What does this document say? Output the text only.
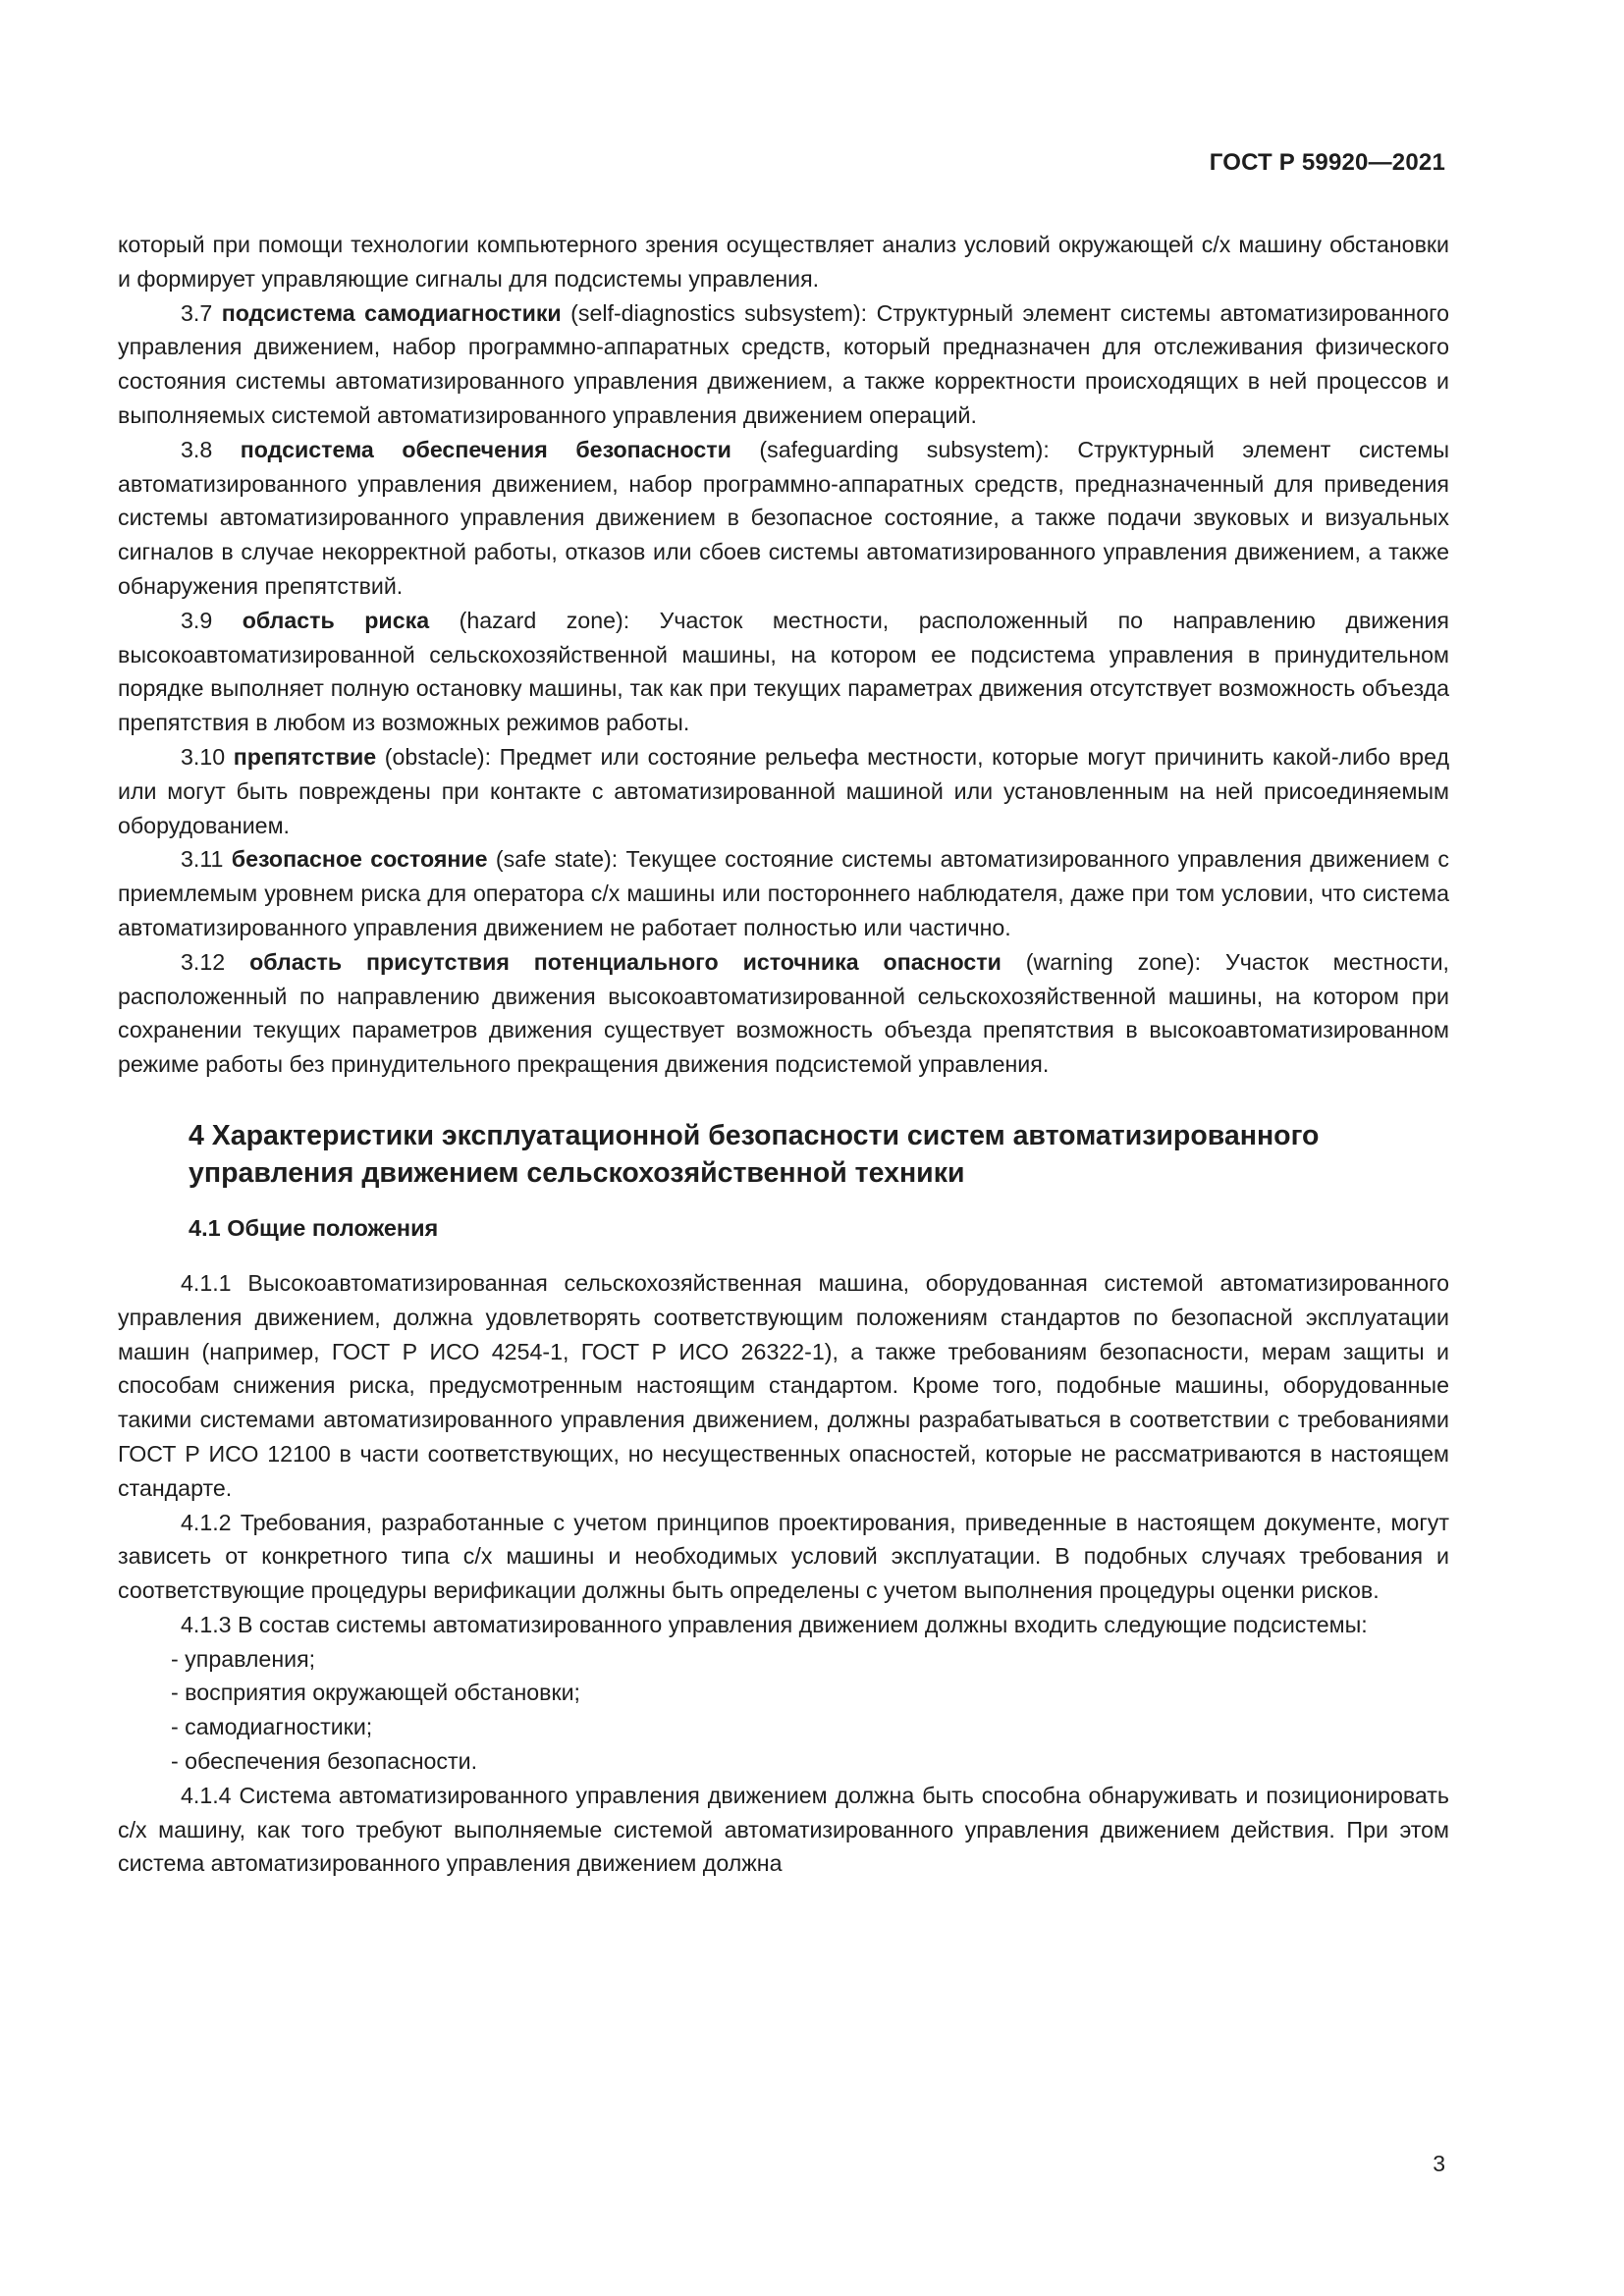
ГОСТ Р 59920—2021

который при помощи технологии компьютерного зрения осуществляет анализ условий окружающей с/х машину обстановки и формирует управляющие сигналы для подсистемы управления.

3.7 подсистема самодиагностики (self-diagnostics subsystem): Структурный элемент системы автоматизированного управления движением, набор программно-аппаратных средств, который предназначен для отслеживания физического состояния системы автоматизированного управления движением, а также корректности происходящих в ней процессов и выполняемых системой автоматизированного управления движением операций.

3.8 подсистема обеспечения безопасности (safeguarding subsystem): Структурный элемент системы автоматизированного управления движением, набор программно-аппаратных средств, предназначенный для приведения системы автоматизированного управления движением в безопасное состояние, а также подачи звуковых и визуальных сигналов в случае некорректной работы, отказов или сбоев системы автоматизированного управления движением, а также обнаружения препятствий.

3.9 область риска (hazard zone): Участок местности, расположенный по направлению движения высокоавтоматизированной сельскохозяйственной машины, на котором ее подсистема управления в принудительном порядке выполняет полную остановку машины, так как при текущих параметрах движения отсутствует возможность объезда препятствия в любом из возможных режимов работы.

3.10 препятствие (obstacle): Предмет или состояние рельефа местности, которые могут причинить какой-либо вред или могут быть повреждены при контакте с автоматизированной машиной или установленным на ней присоединяемым оборудованием.

3.11 безопасное состояние (safe state): Текущее состояние системы автоматизированного управления движением с приемлемым уровнем риска для оператора с/х машины или постороннего наблюдателя, даже при том условии, что система автоматизированного управления движением не работает полностью или частично.

3.12 область присутствия потенциального источника опасности (warning zone): Участок местности, расположенный по направлению движения высокоавтоматизированной сельскохозяйственной машины, на котором при сохранении текущих параметров движения существует возможность объезда препятствия в высокоавтоматизированном режиме работы без принудительного прекращения движения подсистемой управления.

4 Характеристики эксплуатационной безопасности систем автоматизированного управления движением сельскохозяйственной техники

4.1 Общие положения

4.1.1 Высокоавтоматизированная сельскохозяйственная машина, оборудованная системой автоматизированного управления движением, должна удовлетворять соответствующим положениям стандартов по безопасной эксплуатации машин (например, ГОСТ Р ИСО 4254-1, ГОСТ Р ИСО 26322-1), а также требованиям безопасности, мерам защиты и способам снижения риска, предусмотренным настоящим стандартом. Кроме того, подобные машины, оборудованные такими системами автоматизированного управления движением, должны разрабатываться в соответствии с требованиями ГОСТ Р ИСО 12100 в части соответствующих, но несущественных опасностей, которые не рассматриваются в настоящем стандарте.

4.1.2 Требования, разработанные с учетом принципов проектирования, приведенные в настоящем документе, могут зависеть от конкретного типа с/х машины и необходимых условий эксплуатации. В подобных случаях требования и соответствующие процедуры верификации должны быть определены с учетом выполнения процедуры оценки рисков.

4.1.3 В состав системы автоматизированного управления движением должны входить следующие подсистемы:

- управления;

- восприятия окружающей обстановки;

- самодиагностики;

- обеспечения безопасности.

4.1.4 Система автоматизированного управления движением должна быть способна обнаруживать и позиционировать с/х машину, как того требуют выполняемые системой автоматизированного управления движением действия. При этом система автоматизированного управления движением должна

3
